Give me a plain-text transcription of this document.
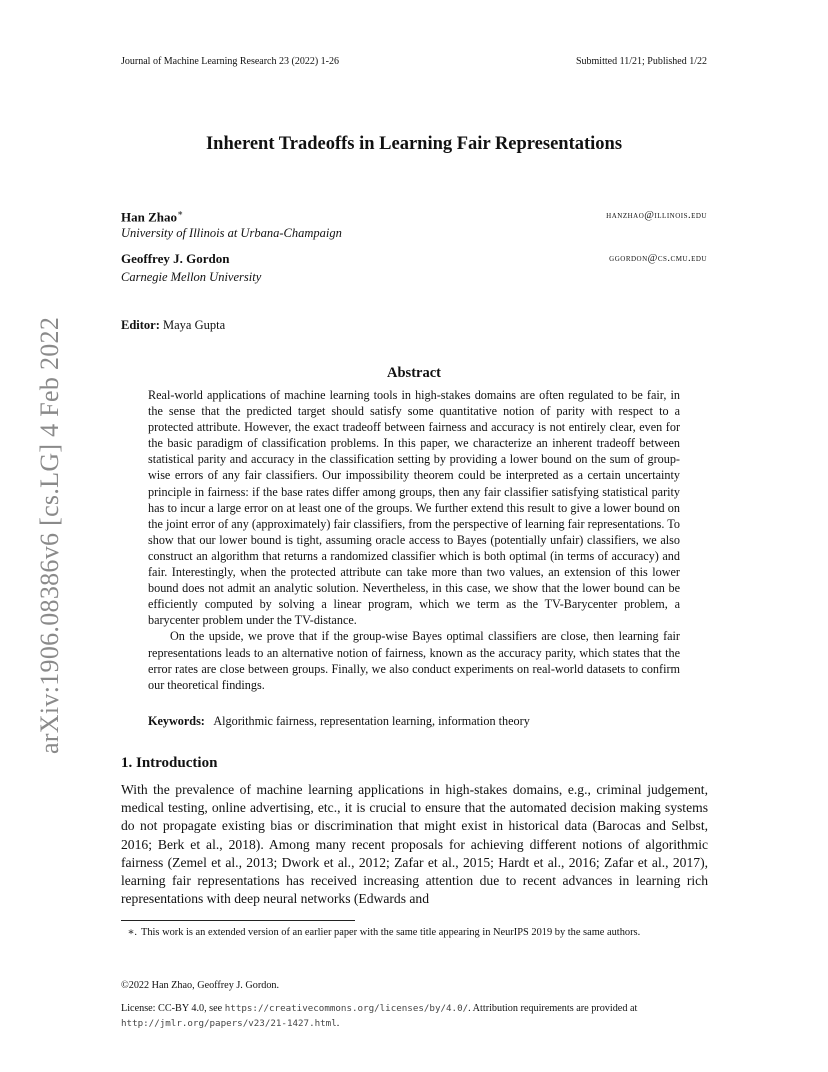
Journal of Machine Learning Research 23 (2022) 1-26	Submitted 11/21; Published 1/22
Inherent Tradeoffs in Learning Fair Representations
Han Zhao∗	hanzhao@illinois.edu
University of Illinois at Urbana-Champaign
Geoffrey J. Gordon	ggordon@cs.cmu.edu
Carnegie Mellon University
Editor: Maya Gupta
Abstract

Real-world applications of machine learning tools in high-stakes domains are often regulated to be fair, in the sense that the predicted target should satisfy some quantitative notion of parity with respect to a protected attribute. However, the exact tradeoff between fairness and accuracy is not entirely clear, even for the basic paradigm of classification problems. In this paper, we characterize an inherent tradeoff between statistical parity and accuracy in the classification setting by providing a lower bound on the sum of group-wise errors of any fair classifiers. Our impossibility theorem could be interpreted as a certain uncertainty principle in fairness: if the base rates differ among groups, then any fair classifier satisfying statistical parity has to incur a large error on at least one of the groups. We further extend this result to give a lower bound on the joint error of any (approximately) fair classifiers, from the perspective of learning fair representations. To show that our lower bound is tight, assuming oracle access to Bayes (potentially unfair) classifiers, we also construct an algorithm that returns a randomized classifier which is both optimal (in terms of accuracy) and fair. Interestingly, when the protected attribute can take more than two values, an extension of this lower bound does not admit an analytic solution. Nevertheless, in this case, we show that the lower bound can be efficiently computed by solving a linear program, which we term as the TV-Barycenter problem, a barycenter problem under the TV-distance.

On the upside, we prove that if the group-wise Bayes optimal classifiers are close, then learning fair representations leads to an alternative notion of fairness, known as the accuracy parity, which states that the error rates are close between groups. Finally, we also conduct experiments on real-world datasets to confirm our theoretical findings.

Keywords: Algorithmic fairness, representation learning, information theory
1. Introduction
With the prevalence of machine learning applications in high-stakes domains, e.g., criminal judgement, medical testing, online advertising, etc., it is crucial to ensure that the automated decision making systems do not propagate existing bias or discrimination that might exist in historical data (Barocas and Selbst, 2016; Berk et al., 2018). Among many recent proposals for achieving different notions of algorithmic fairness (Zemel et al., 2013; Dwork et al., 2012; Zafar et al., 2015; Hardt et al., 2016; Zafar et al., 2017), learning fair representations has received increasing attention due to recent advances in learning rich representations with deep neural networks (Edwards and
∗. This work is an extended version of an earlier paper with the same title appearing in NeurIPS 2019 by the same authors.
©2022 Han Zhao, Geoffrey J. Gordon.
License: CC-BY 4.0, see https://creativecommons.org/licenses/by/4.0/. Attribution requirements are provided at
http://jmlr.org/papers/v23/21-1427.html.
arXiv:1906.08386v6 [cs.LG] 4 Feb 2022
